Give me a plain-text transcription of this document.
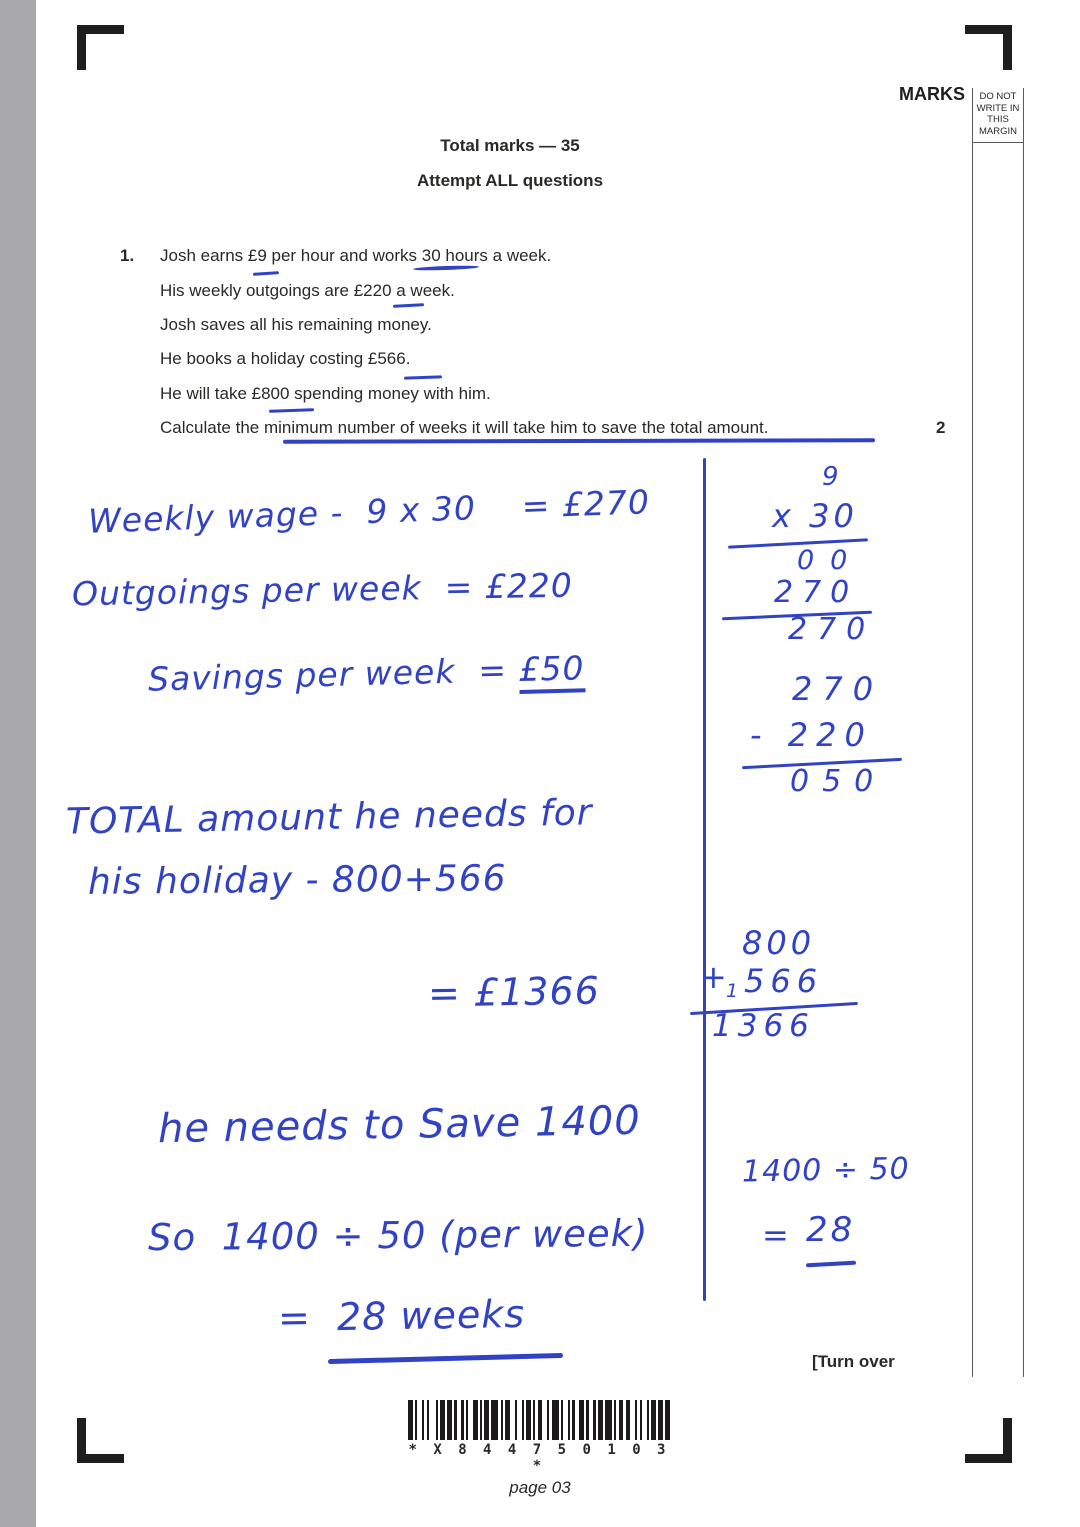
MARKS	DO NOT
WRITE IN
THIS
MARGIN
Total marks — 35
Attempt ALL questions
1. Josh earns £9 per hour and works 30 hours a week.
His weekly outgoings are £220 a week.
Josh saves all his remaining money.
He books a holiday costing £566.
He will take £800 spending money with him.
Calculate the minimum number of weeks it will take him to save the total amount.	2
Weekly wage -  9 x 30    = £270
Outgoings per week  = £220
Savings per week  = £50
TOTAL amount he needs for
his holiday - 800+566
= £1366
he needs to Save 1400
So  1400 ÷ 50 (per week)
=  28 weeks
9
x 30
00
270
270
270
- 220
050
800
+
1 566
1366
1400 ÷ 50
= 28
[Turn over
* X 8 4 4 7 5 0 1 0 3 *
page 03
